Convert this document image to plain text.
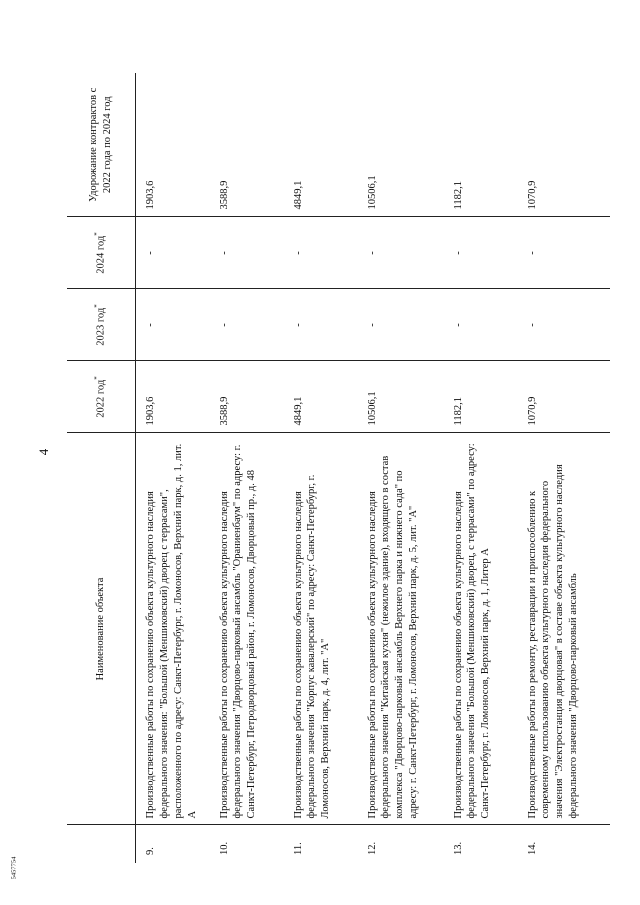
4
5457754
	Наименование объекта	2022 год*	2023 год*	2024 год*	Удорожание контрактов с 2022 года по 2024 год
9.	Производственные работы по сохранению объекта культурного наследия федерального значения: "Большой (Меншиковский) дворец с террасами", расположенного по адресу: Санкт-Петербург, г. Ломоносов, Верхний парк, д. 1, лит. А	1903,6	-	-	1903,6
10.	Производственные работы по сохранению объекта культурного наследия федерального значения "Дворцово-парковый ансамбль "Ораниенбаум" по адресу: г. Санкт-Петербург, Петродворцовый район, г. Ломоносов, Дворцовый пр., д. 48	3588,9	-	-	3588,9
11.	Производственные работы по сохранению объекта культурного наследия федерального значения "Корпус кавалерский" по адресу: Санкт-Петербург, г. Ломоносов, Верхний парк, д. 4, лит. "А"	4849,1	-	-	4849,1
12.	Производственные работы по сохранению объекта культурного наследия федерального значения "Китайская кухня" (нежилое здание), входящего в состав комплекса "Дворцово-парковый ансамбль Верхнего парка и нижнего сада" по адресу: г. Санкт-Петербург, г. Ломоносов, Верхний парк, д. 5, лит. "А"	10506,1	-	-	10506,1
13.	Производственные работы по сохранению объекта культурного наследия федерального значения "Большой (Меншиковский) дворец, с террасами" по адресу: Санкт-Петербург, г. Ломоносов, Верхний парк, д. 1, Литер А	1182,1	-	-	1182,1
14.	Производственные работы по ремонту, реставрации и приспособлению к современному использованию объекта культурного наследия федерального значения "Электростанция дворцовая" в составе объекта культурного наследия федерального значения "Дворцово-парковый ансамбль	1070,9	-	-	1070,9
